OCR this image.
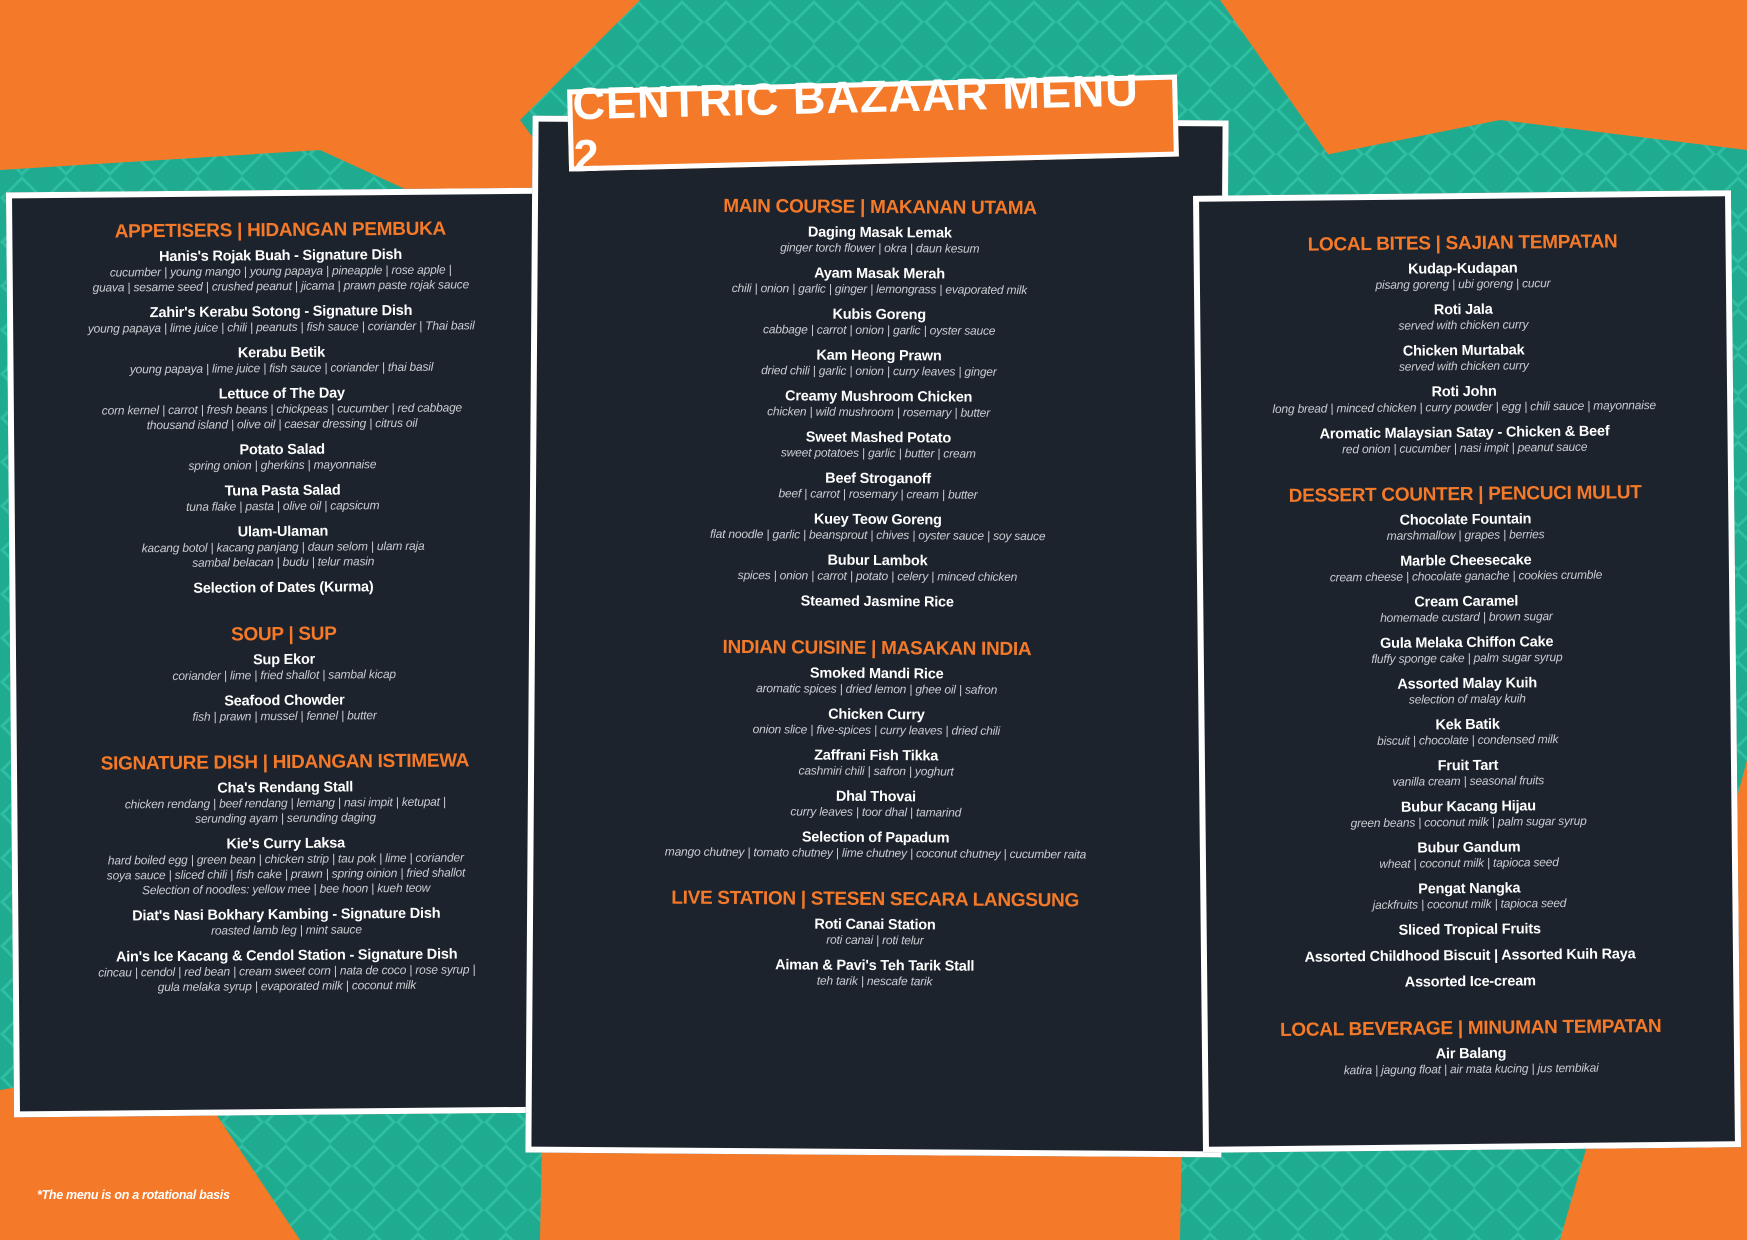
APPETISERS | HIDANGAN PEMBUKA

Hanis's Rojak Buah - Signature Dish

cucumber | young mango | young papaya | pineapple | rose apple |

guava | sesame seed | crushed peanut | jicama | prawn paste rojak sauce

Zahir's Kerabu Sotong - Signature Dish

young papaya | lime juice | chili | peanuts | fish sauce | coriander | Thai basil

Kerabu Betik

young papaya | lime juice | fish sauce | coriander | thai basil

Lettuce of The Day

corn kernel | carrot | fresh beans | chickpeas | cucumber | red cabbage

thousand island | olive oil | caesar dressing | citrus oil

Potato Salad

spring onion | gherkins | mayonnaise

Tuna Pasta Salad

tuna flake | pasta | olive oil | capsicum

Ulam-Ulaman

kacang botol | kacang panjang | daun selom | ulam raja

sambal belacan | budu | telur masin

Selection of Dates (Kurma)

SOUP | SUP

Sup Ekor

coriander | lime | fried shallot | sambal kicap

Seafood Chowder

fish | prawn | mussel | fennel | butter

SIGNATURE DISH | HIDANGAN ISTIMEWA

Cha's Rendang Stall

chicken rendang | beef rendang | lemang | nasi impit | ketupat |

serunding ayam | serunding daging

Kie's Curry Laksa

hard boiled egg | green bean | chicken strip | tau pok | lime | coriander

soya sauce | sliced chili | fish cake | prawn | spring oinion | fried shallot

Selection of noodles: yellow mee | bee hoon | kueh teow

Diat's Nasi Bokhary Kambing - Signature Dish

roasted lamb leg | mint sauce

Ain's Ice Kacang & Cendol Station - Signature Dish

cincau | cendol | red bean | cream sweet corn | nata de coco | rose syrup |

gula melaka syrup | evaporated milk | coconut milk

MAIN COURSE | MAKANAN UTAMA

Daging Masak Lemak

ginger torch flower | okra | daun kesum

Ayam Masak Merah

chili | onion | garlic | ginger | lemongrass | evaporated milk

Kubis Goreng

cabbage | carrot | onion | garlic | oyster sauce

Kam Heong Prawn

dried chili | garlic | onion | curry leaves | ginger

Creamy Mushroom Chicken

chicken | wild mushroom | rosemary | butter

Sweet Mashed Potato

sweet potatoes | garlic | butter | cream

Beef Stroganoff

beef | carrot | rosemary | cream | butter

Kuey Teow Goreng

flat noodle | garlic | beansprout | chives | oyster sauce | soy sauce

Bubur Lambok

spices | onion | carrot | potato | celery | minced chicken

Steamed Jasmine Rice

INDIAN CUISINE | MASAKAN INDIA

Smoked Mandi Rice

aromatic spices | dried lemon | ghee oil | safron

Chicken Curry

onion slice | five-spices | curry leaves | dried chili

Zaffrani Fish Tikka

cashmiri chili | safron | yoghurt

Dhal Thovai

curry leaves | toor dhal | tamarind

Selection of Papadum

mango chutney | tomato chutney | lime chutney | coconut chutney | cucumber raita

LIVE STATION | STESEN SECARA LANGSUNG

Roti Canai Station

roti canai | roti telur

Aiman & Pavi's Teh Tarik Stall

teh tarik | nescafe tarik

LOCAL BITES | SAJIAN TEMPATAN

Kudap-Kudapan

pisang goreng | ubi goreng | cucur

Roti Jala

served with chicken curry

Chicken Murtabak

served with chicken curry

Roti John

long bread | minced chicken | curry powder | egg | chili sauce | mayonnaise

Aromatic Malaysian Satay - Chicken & Beef

red onion | cucumber | nasi impit | peanut sauce

DESSERT COUNTER | PENCUCI MULUT

Chocolate Fountain

marshmallow | grapes | berries

Marble Cheesecake

cream cheese | chocolate ganache | cookies crumble

Cream Caramel

homemade custard | brown sugar

Gula Melaka Chiffon Cake

fluffy sponge cake | palm sugar syrup

Assorted Malay Kuih

selection of malay kuih

Kek Batik

biscuit | chocolate | condensed milk

Fruit Tart

vanilla cream | seasonal fruits

Bubur Kacang Hijau

green beans | coconut milk | palm sugar syrup

Bubur Gandum

wheat | coconut milk | tapioca seed

Pengat Nangka

jackfruits | coconut milk | tapioca seed

Sliced Tropical Fruits

Assorted Childhood Biscuit | Assorted Kuih Raya

Assorted Ice-cream

LOCAL BEVERAGE | MINUMAN TEMPATAN

Air Balang

katira | jagung float | air mata kucing | jus tembikai

CENTRIC BAZAAR MENU 2
*The menu is on a rotational basis
